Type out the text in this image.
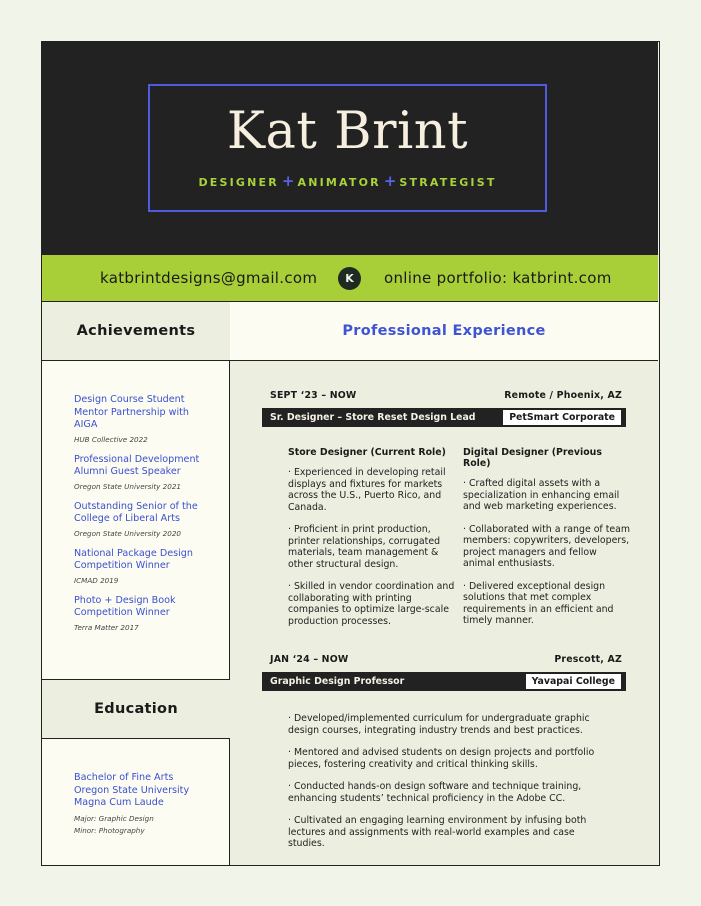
Kat Brint
DESIGNER + ANIMATOR + STRATEGIST
katbrintdesigns@gmail.com	K	online portfolio: katbrint.com
Achievements
Design Course Student Mentor Partnership with AIGA
HUB Collective 2022
Professional Development Alumni Guest Speaker
Oregon State University 2021
Outstanding Senior of the College of Liberal Arts
Oregon State University 2020
National Package Design Competition Winner
ICMAD 2019
Photo + Design Book Competition Winner
Terra Matter 2017
Education
Bachelor of Fine Arts
Oregon State University
Magna Cum Laude
Major: Graphic Design
Minor: Photography
Professional Experience
SEPT ‘23 – NOW	Remote / Phoenix, AZ
Sr. Designer – Store Reset Design Lead	PetSmart Corporate
Store Designer (Current Role)
· Experienced in developing retail displays and fixtures for markets across the U.S., Puerto Rico, and Canada.
· Proficient in print production, printer relationships, corrugated materials, team management & other structural design.
· Skilled in vendor coordination and collaborating with printing companies to optimize large-scale production processes.
Digital Designer (Previous Role)
· Crafted digital assets with a specialization in enhancing email and web marketing experiences.
· Collaborated with a range of team members: copywriters, developers, project managers and fellow animal enthusiasts.
· Delivered exceptional design solutions that met complex requirements in an efficient and timely manner.
JAN ‘24 – NOW	Prescott, AZ
Graphic Design Professor	Yavapai College
· Developed/implemented curriculum for undergraduate graphic design courses, integrating industry trends and best practices.
· Mentored and advised students on design projects and portfolio pieces, fostering creativity and critical thinking skills.
· Conducted hands-on design software and technique training, enhancing students’ technical proficiency in the Adobe CC.
· Cultivated an engaging learning environment by infusing both lectures and assignments with real-world examples and case studies.
